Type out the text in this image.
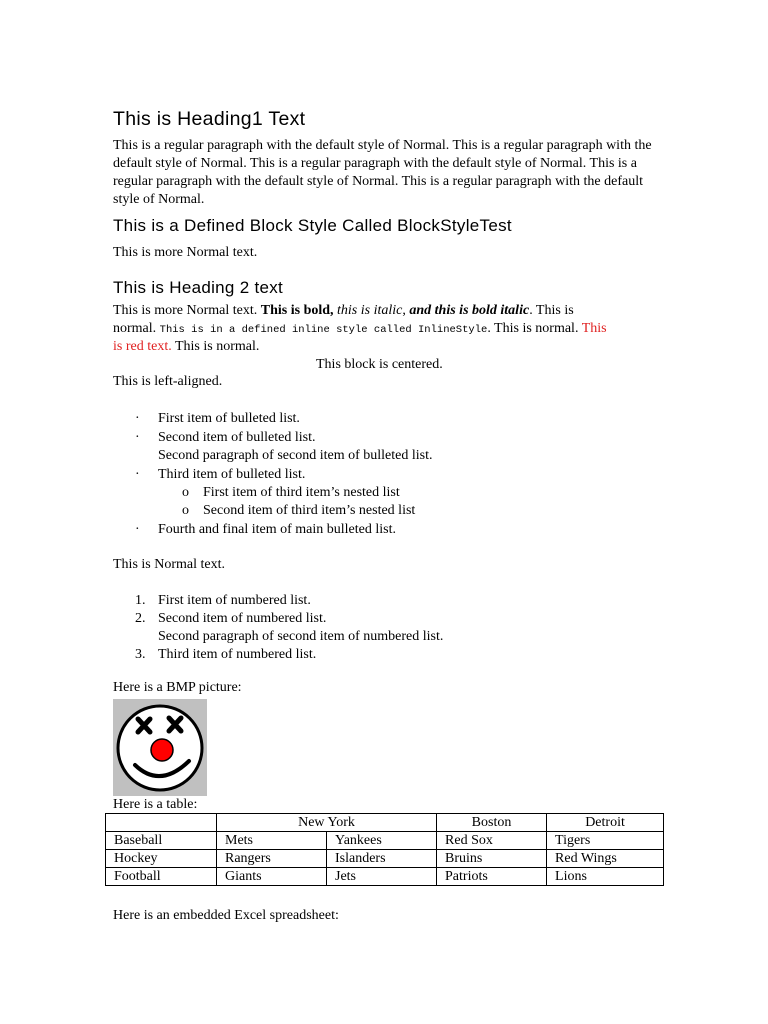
This is Heading1 Text

This is a regular paragraph with the default style of Normal. This is a regular paragraph with the default style of Normal. This is a regular paragraph with the default style of Normal. This is a regular paragraph with the default style of Normal. This is a regular paragraph with the default style of Normal.

This is a Defined Block Style Called BlockStyleTest

This is more Normal text.

This is Heading 2 text

This is more Normal text. This is bold, this is italic, and this is bold italic. This is

normal. This is in a defined inline style called InlineStyle. This is normal. This

is red text. This is normal.

This block is centered.

This is left-aligned.

· First item of bulleted list.

· Second item of bulleted list.

Second paragraph of second item of bulleted list.

· Third item of bulleted list.

o First item of third item’s nested list

o Second item of third item’s nested list

· Fourth and final item of main bulleted list.

This is Normal text.

1. First item of numbered list.

2. Second item of numbered list.

Second paragraph of second item of numbered list.

3. Third item of numbered list.

Here is a BMP picture:

Here is a table:

	New York		Boston	Detroit
Baseball	Mets	Yankees	Red Sox	Tigers
Hockey	Rangers	Islanders	Bruins	Red Wings
Football	Giants	Jets	Patriots	Lions

Here is an embedded Excel spreadsheet:
